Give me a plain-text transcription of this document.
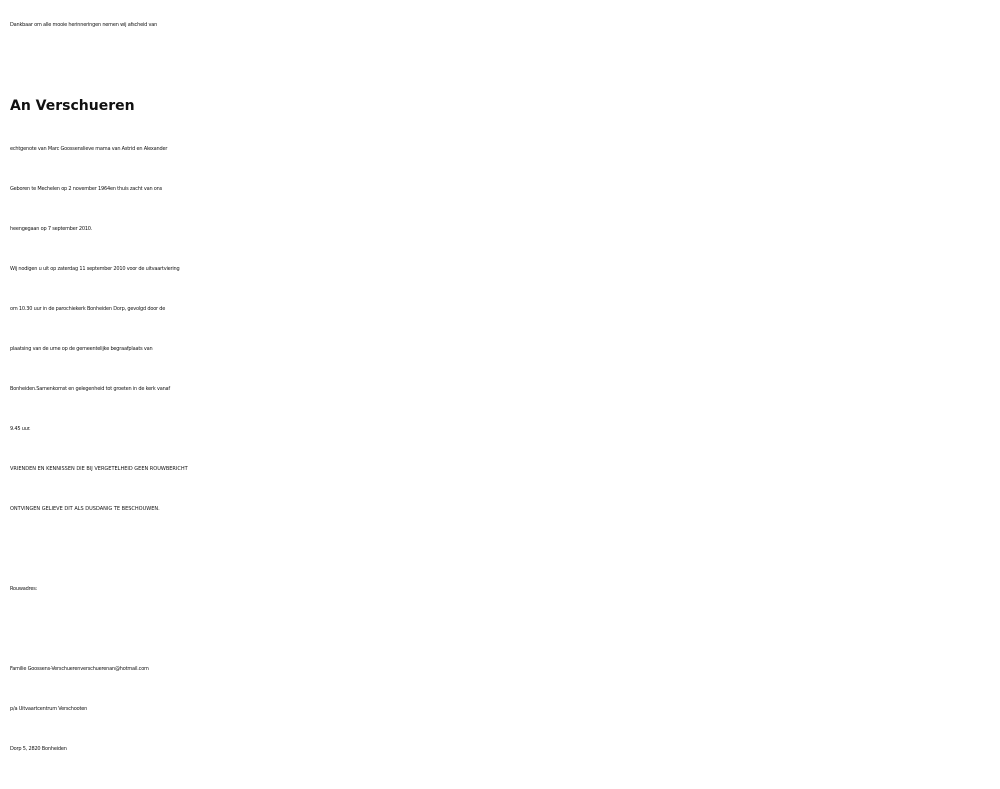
Dankbaar om alle mooie herinneringen nemen wij afscheid van
An Verschueren
echtgenote van Marc Goossenslieve mama van Astrid en Alexander
Geboren te Mechelen op 2 november 1964en thuis zacht van ons
heengegaan op 7 september 2010.
Wij nodigen u uit op zaterdag 11 september 2010 voor de uitvaartviering
om 10.30 uur in de parochiekerk Bonheiden Dorp, gevolgd door de
plaatsing van de urne op de gemeentelijke begraafplaats van
Bonheiden.Samenkomst en gelegenheid tot groeten in de kerk vanaf
9.45 uur.
VRIENDEN EN KENNISSEN DIE BIJ VERGETELHEID GEEN ROUWBERICHT
ONTVINGEN GELIEVE DIT ALS DUSDANIG TE BESCHOUWEN.
Rouwadres:
Familie Goossens-Verschuerenverschuerenan@hotmail.com
p/a Uitvaartcentrum Verschooten
Dorp 5, 2820 Bonheiden
